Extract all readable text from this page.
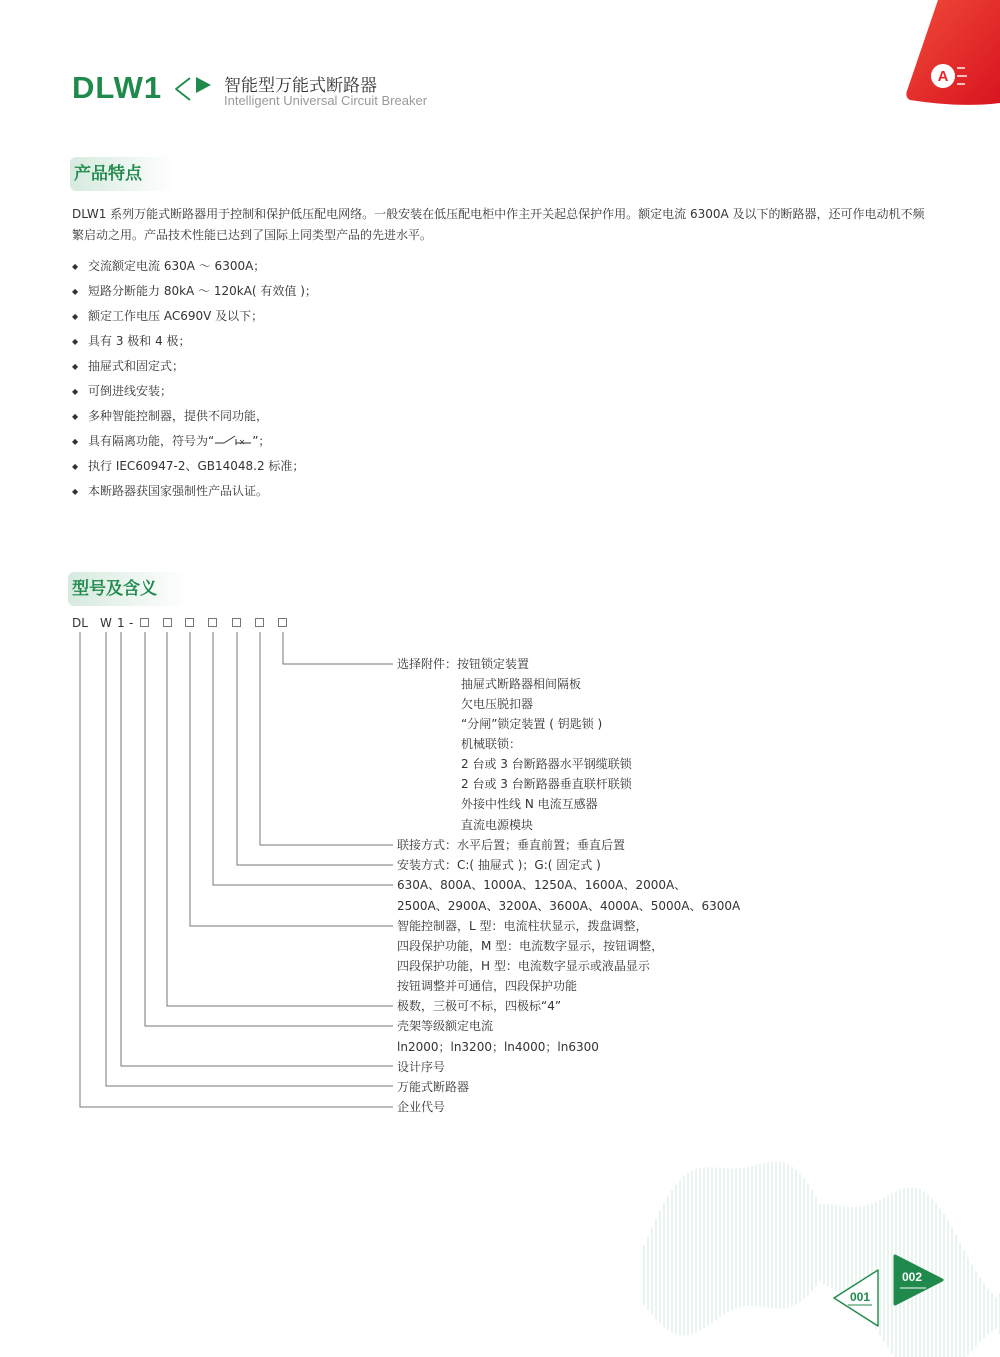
DLW1	智能型万能式断路器
Intelligent Universal Circuit Breaker
A
产品特点
DLW1 系列万能式断路器用于控制和保护低压配电网络。一般安装在低压配电柜中作主开关起总保护作用。额定电流 6300A 及以下的断路器，还可作电动机不频繁启动之用。产品技术性能已达到了国际上同类型产品的先进水平。
◆ 交流额定电流 630A ～ 6300A；
◆ 短路分断能力 80kA ～ 120kA( 有效值 )；
◆ 额定工作电压 AC690V 及以下；
◆ 具有 3 极和 4 极；
◆ 抽屉式和固定式；
◆ 可倒进线安装；
◆ 多种智能控制器，提供不同功能，
◆ 具有隔离功能，符号为“	”；
◆ 执行 IEC60947-2、GB14048.2 标准；
◆ 本断路器获国家强制性产品认证。
型号及含义
DL W 1 -
选择附件：按钮锁定装置
抽屉式断路器相间隔板
欠电压脱扣器
“分闸”锁定装置 ( 钥匙锁 )
机械联锁：
2 台或 3 台断路器水平钢缆联锁
2 台或 3 台断路器垂直联杆联锁
外接中性线 N 电流互感器
直流电源模块
联接方式：水平后置；垂直前置；垂直后置
安装方式：C:( 抽屉式 )；G:( 固定式 )
630A、800A、1000A、1250A、1600A、2000A、
2500A、2900A、3200A、3600A、4000A、5000A、6300A
智能控制器，L 型：电流柱状显示，拨盘调整，
四段保护功能，M 型：电流数字显示，按钮调整，
四段保护功能，H 型：电流数字显示或液晶显示
按钮调整并可通信，四段保护功能
极数，三极可不标，四极标“4”
壳架等级额定电流
ln2000；ln3200；ln4000；ln6300
设计序号
万能式断路器
企业代号
001
002
